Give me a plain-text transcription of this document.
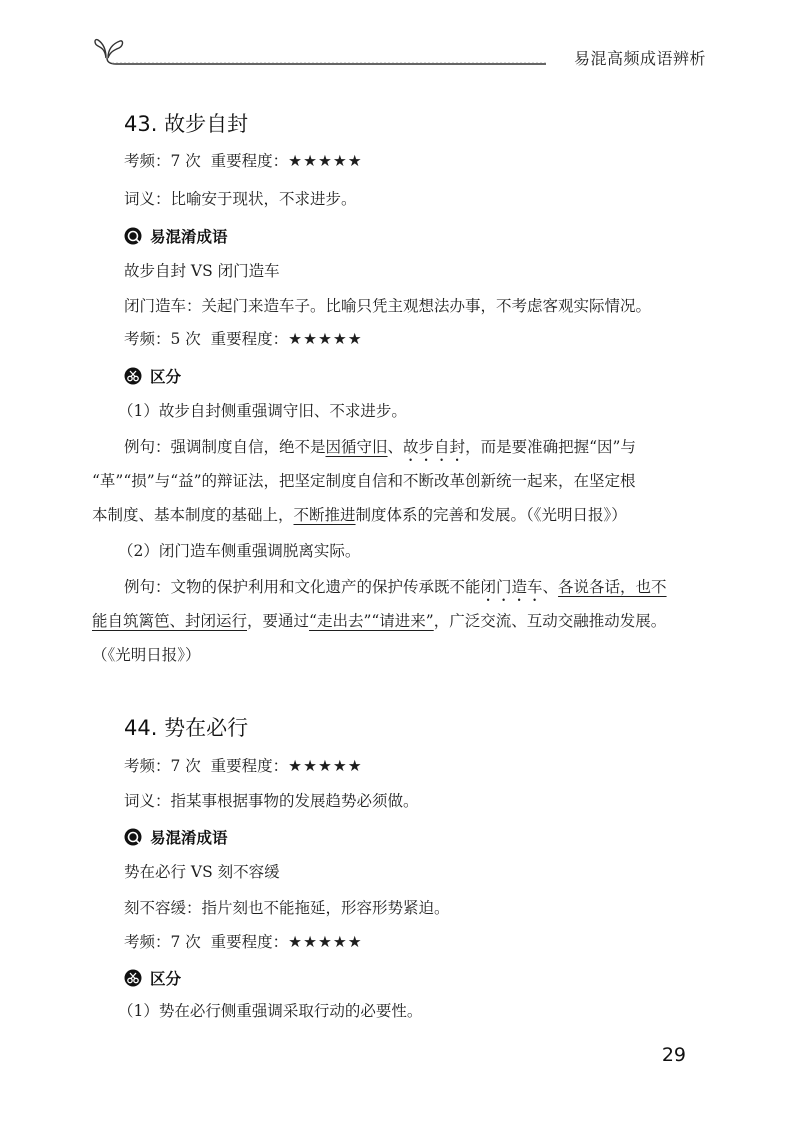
易混高频成语辨析
43. 故步自封
考频：7 次 重要程度：★★★★★
词义：比喻安于现状，不求进步。
易混淆成语
故步自封 VS 闭门造车
闭门造车：关起门来造车子。比喻只凭主观想法办事，不考虑客观实际情况。
考频：5 次 重要程度：★★★★★
区分
（1）故步自封侧重强调守旧、不求进步。
例句：强调制度自信，绝不是因循守旧、故步自封，而是要准确把握“因”与
“革”“损”与“益”的辩证法，把坚定制度自信和不断改革创新统一起来，在坚定根
本制度、基本制度的基础上，不断推进制度体系的完善和发展。（《光明日报》）
（2）闭门造车侧重强调脱离实际。
例句：文物的保护利用和文化遗产的保护传承既不能闭门造车、各说各话，也不
能自筑篱笆、封闭运行，要通过“走出去”“请进来”，广泛交流、互动交融推动发展。
（《光明日报》）
44. 势在必行
考频：7 次 重要程度：★★★★★
词义：指某事根据事物的发展趋势必须做。
易混淆成语
势在必行 VS 刻不容缓
刻不容缓：指片刻也不能拖延，形容形势紧迫。
考频：7 次 重要程度：★★★★★
区分
（1）势在必行侧重强调采取行动的必要性。
29
